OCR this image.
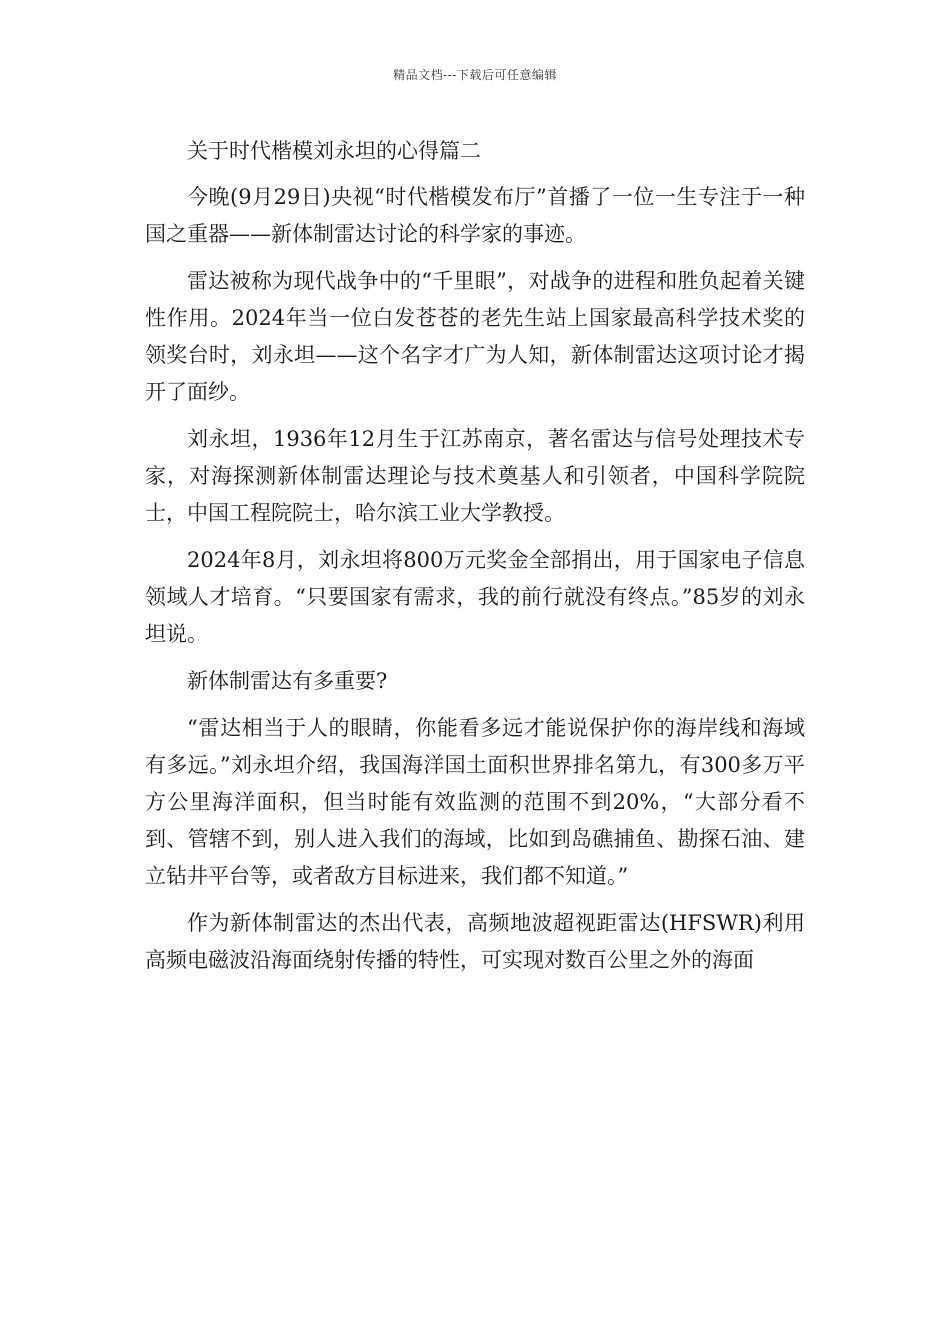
精品文档---下载后可任意编辑

关于时代楷模刘永坦的心得篇二

今晚(9月29日)央视“时代楷模发布厅”首播了一位一生专注于一种国之重器——新体制雷达讨论的科学家的事迹。

雷达被称为现代战争中的“千里眼”，对战争的进程和胜负起着关键性作用。2024年当一位白发苍苍的老先生站上国家最高科学技术奖的领奖台时，刘永坦——这个名字才广为人知，新体制雷达这项讨论才揭开了面纱。

刘永坦，1936年12月生于江苏南京，著名雷达与信号处理技术专家，对海探测新体制雷达理论与技术奠基人和引领者，中国科学院院士，中国工程院院士，哈尔滨工业大学教授。

2024年8月，刘永坦将800万元奖金全部捐出，用于国家电子信息领域人才培育。“只要国家有需求，我的前行就没有终点。”85岁的刘永坦说。

新体制雷达有多重要?

“雷达相当于人的眼睛，你能看多远才能说保护你的海岸线和海域有多远。”刘永坦介绍，我国海洋国土面积世界排名第九，有300多万平方公里海洋面积，但当时能有效监测的范围不到20%，“大部分看不到、管辖不到，别人进入我们的海域，比如到岛礁捕鱼、勘探石油、建立钻井平台等，或者敌方目标进来，我们都不知道。”

作为新体制雷达的杰出代表，高频地波超视距雷达(HFSWR)利用高频电磁波沿海面绕射传播的特性，可实现对数百公里之外的海面
